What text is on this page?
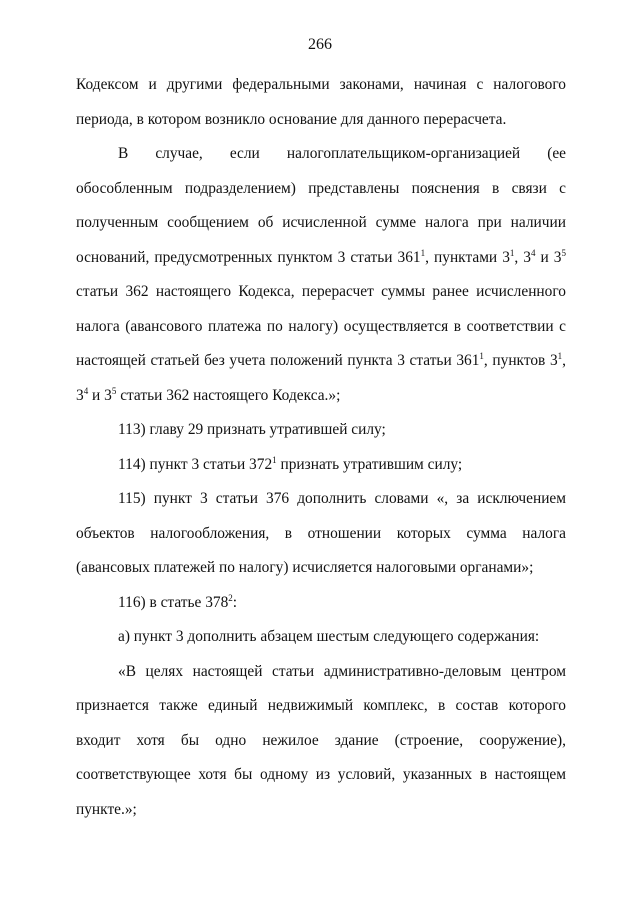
266

Кодексом и другими федеральными законами, начиная с налогового периода, в котором возникло основание для данного перерасчета.

В случае, если налогоплательщиком-организацией (ее обособленным подразделением) представлены пояснения в связи с полученным сообщением об исчисленной сумме налога при наличии оснований, предусмотренных пунктом 3 статьи $361^1$, пунктами $3^1$, $3^4$ и $3^5$ статьи 362 настоящего Кодекса, перерасчет суммы ранее исчисленного налога (авансового платежа по налогу) осуществляется в соответствии с настоящей статьей без учета положений пункта 3 статьи $361^1$, пунктов $3^1$, $3^4$ и $3^5$ статьи 362 настоящего Кодекса.»;

113) главу 29 признать утратившей силу;

114) пункт 3 статьи $372^1$ признать утратившим силу;

115) пункт 3 статьи 376 дополнить словами «, за исключением объектов налогообложения, в отношении которых сумма налога (авансовых платежей по налогу) исчисляется налоговыми органами»;

116) в статье $378^2$:

а) пункт 3 дополнить абзацем шестым следующего содержания:

«В целях настоящей статьи административно-деловым центром признается также единый недвижимый комплекс, в состав которого входит хотя бы одно нежилое здание (строение, сооружение), соответствующее хотя бы одному из условий, указанных в настоящем пункте.»;
